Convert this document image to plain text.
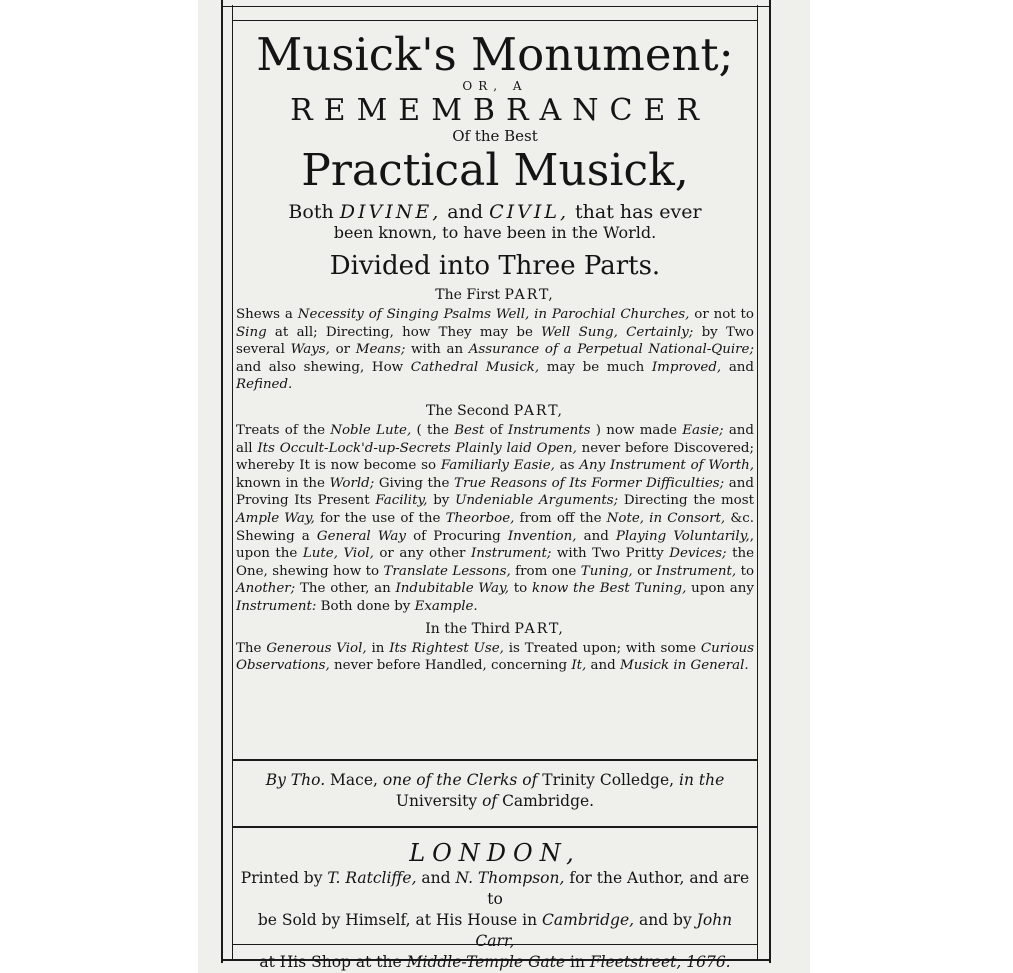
Musick's Monument;
OR, A
REMEMBRANCER
Of the Best
Practical Musick,
Both DIVINE, and CIVIL, that has ever
been known, to have been in the World.
Divided into Three Parts.
The First PART,
Shews a Necessity of Singing Psalms Well, in Parochial Churches, or not to Sing at all; Directing, how They may be Well Sung, Certainly; by Two several Ways, or Means; with an Assurance of a Perpetual National-Quire; and also shewing, How Cathedral Musick, may be much Improved, and Refined.
The Second PART,
Treats of the Noble Lute, ( the Best of Instruments ) now made Easie; and all Its Occult-Lock'd-up-Secrets Plainly laid Open, never before Discovered; whereby It is now become so Familiarly Easie, as Any Instrument of Worth, known in the World; Giving the True Reasons of Its Former Difficulties; and Proving Its Present Facility, by Undeniable Arguments; Directing the most Ample Way, for the use of the Theorboe, from off the Note, in Consort, &c. Shewing a General Way of Procuring Invention, and Playing Voluntarily,, upon the Lute, Viol, or any other Instrument; with Two Pritty Devices; the One, shewing how to Translate Lessons, from one Tuning, or Instrument, to Another; The other, an Indubitable Way, to know the Best Tuning, upon any Instrument: Both done by Example.
In the Third PART,
The Generous Viol, in Its Rightest Use, is Treated upon; with some Curious Observations, never before Handled, concerning It, and Musick in General.
By Tho. Mace, one of the Clerks of Trinity Colledge, in the
University of Cambridge.
LONDON,
Printed by T. Ratcliffe, and N. Thompson, for the Author, and are to
be Sold by Himself, at His House in Cambridge, and by John Carr,
at His Shop at the Middle-Temple Gate in Fleetstreet, 1676.
